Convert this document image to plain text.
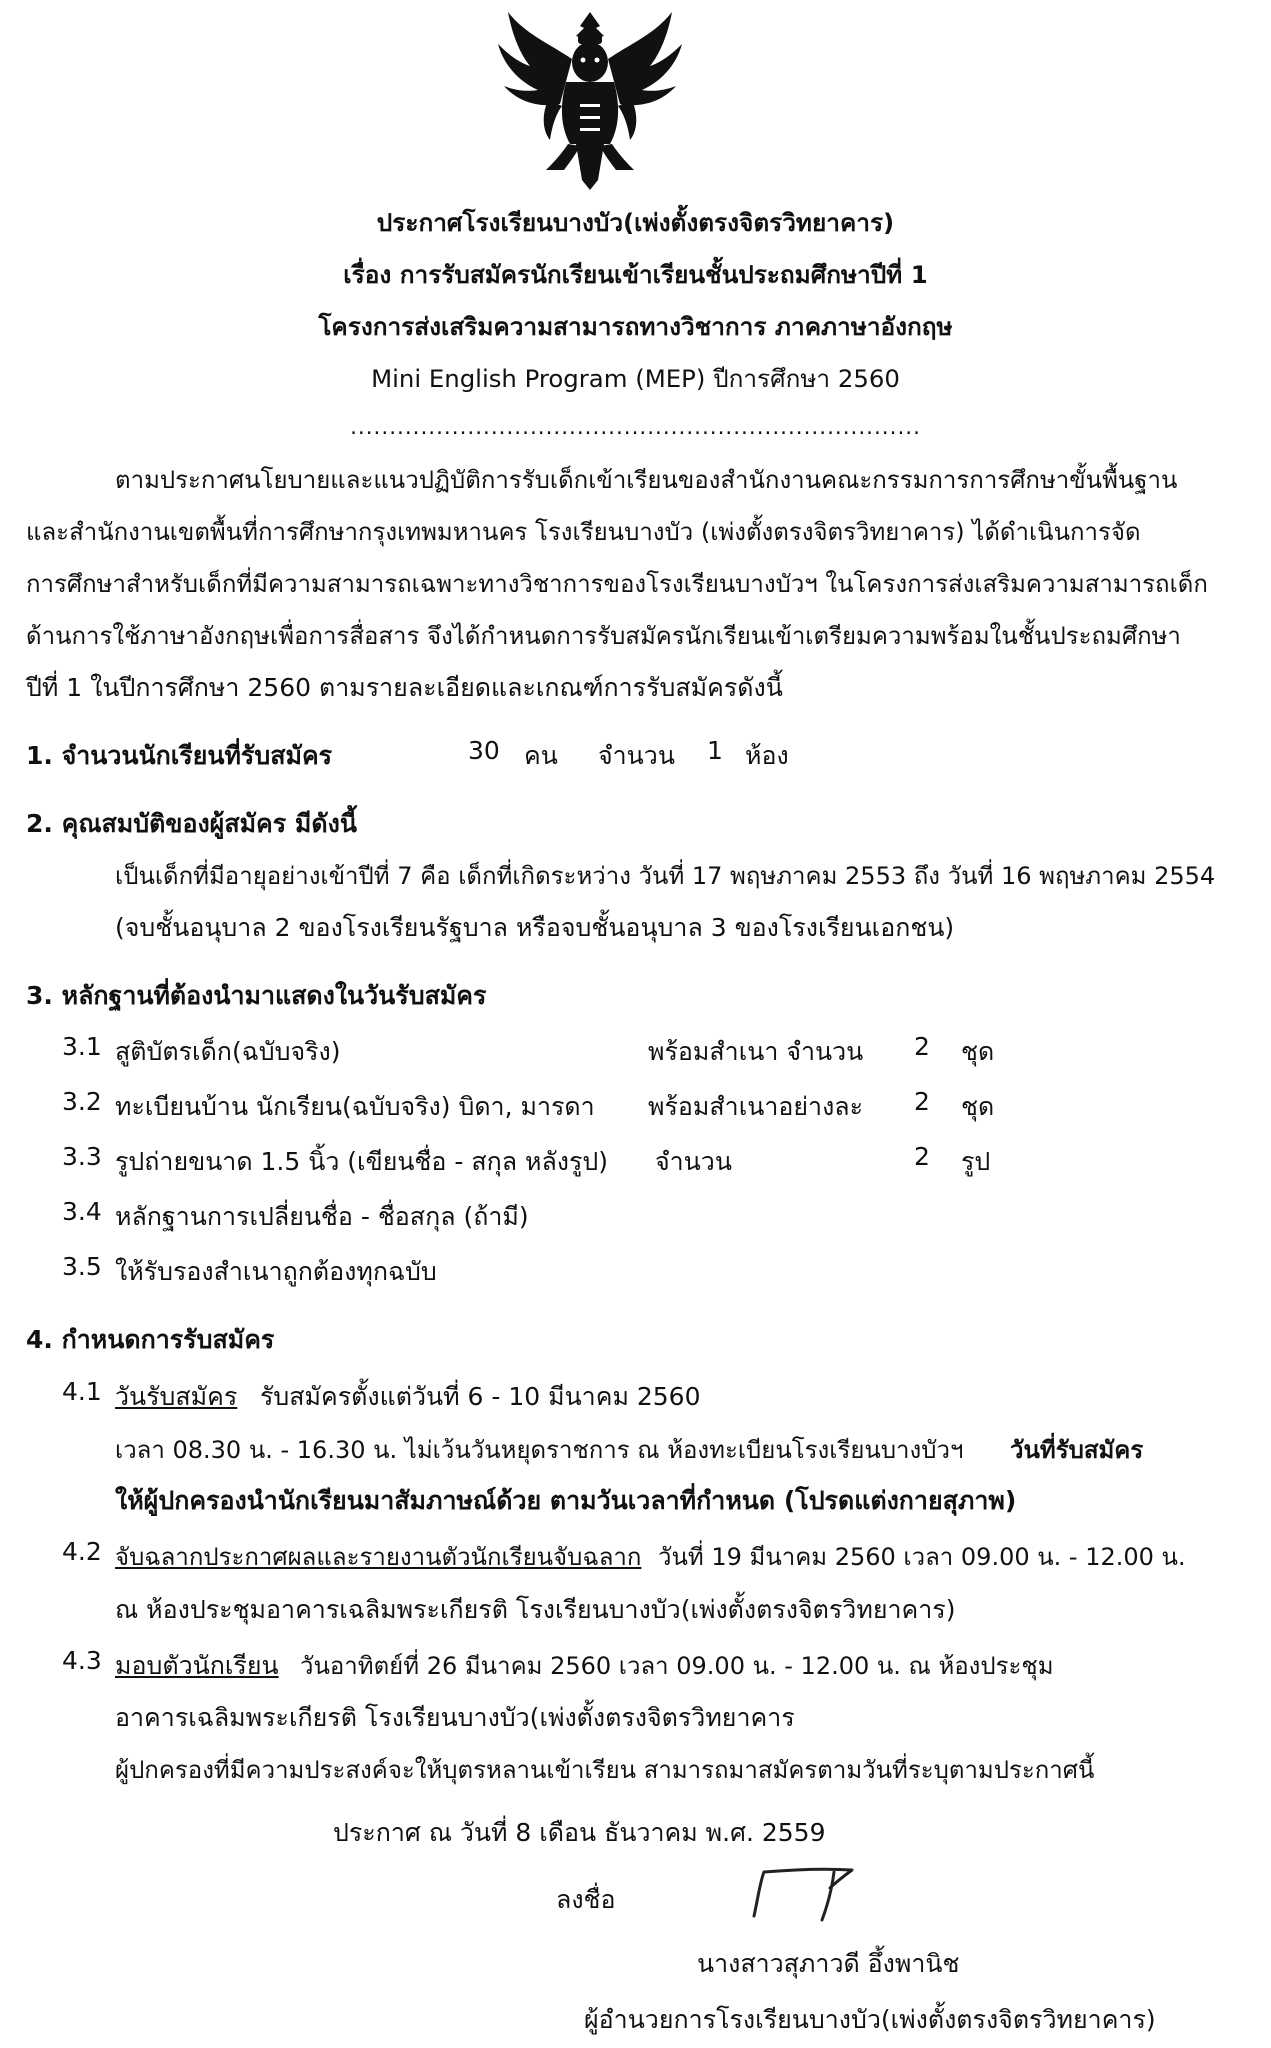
ประกาศโรงเรียนบางบัว(เพ่งตั้งตรงจิตรวิทยาคาร)
เรื่อง การรับสมัครนักเรียนเข้าเรียนชั้นประถมศึกษาปีที่ 1
โครงการส่งเสริมความสามารถทางวิชาการ ภาคภาษาอังกฤษ
Mini English Program (MEP) ปีการศึกษา 2560
.........................................................................
ตามประกาศนโยบายและแนวปฏิบัติการรับเด็กเข้าเรียนของสำนักงานคณะกรรมการการศึกษาขั้นพื้นฐาน
และสำนักงานเขตพื้นที่การศึกษากรุงเทพมหานคร โรงเรียนบางบัว (เพ่งตั้งตรงจิตรวิทยาคาร) ได้ดำเนินการจัด
การศึกษาสำหรับเด็กที่มีความสามารถเฉพาะทางวิชาการของโรงเรียนบางบัวฯ ในโครงการส่งเสริมความสามารถเด็ก
ด้านการใช้ภาษาอังกฤษเพื่อการสื่อสาร จึงได้กำหนดการรับสมัครนักเรียนเข้าเตรียมความพร้อมในชั้นประถมศึกษา
ปีที่ 1 ในปีการศึกษา 2560 ตามรายละเอียดและเกณฑ์การรับสมัครดังนี้
1. จำนวนนักเรียนที่รับสมัคร	30 คน จำนวน 1 ห้อง
2. คุณสมบัติของผู้สมัคร มีดังนี้
เป็นเด็กที่มีอายุอย่างเข้าปีที่ 7 คือ เด็กที่เกิดระหว่าง วันที่ 17 พฤษภาคม 2553 ถึง วันที่ 16 พฤษภาคม 2554
(จบชั้นอนุบาล 2 ของโรงเรียนรัฐบาล หรือจบชั้นอนุบาล 3 ของโรงเรียนเอกชน)
3. หลักฐานที่ต้องนำมาแสดงในวันรับสมัคร
3.1 สูติบัตรเด็ก(ฉบับจริง)	พร้อมสำเนา จำนวน 2 ชุด
3.2 ทะเบียนบ้าน นักเรียน(ฉบับจริง) บิดา, มารดา พร้อมสำเนาอย่างละ 2 ชุด
3.3 รูปถ่ายขนาด 1.5 นิ้ว (เขียนชื่อ - สกุล หลังรูป) จำนวน	2 รูป
3.4 หลักฐานการเปลี่ยนชื่อ - ชื่อสกุล (ถ้ามี)
3.5 ให้รับรองสำเนาถูกต้องทุกฉบับ
4. กำหนดการรับสมัคร
4.1 วันรับสมัคร รับสมัครตั้งแต่วันที่ 6 - 10 มีนาคม 2560
เวลา 08.30 น. - 16.30 น. ไม่เว้นวันหยุดราชการ ณ ห้องทะเบียนโรงเรียนบางบัวฯ วันที่รับสมัคร
ให้ผู้ปกครองนำนักเรียนมาสัมภาษณ์ด้วย ตามวันเวลาที่กำหนด (โปรดแต่งกายสุภาพ)
4.2 จับฉลากประกาศผลและรายงานตัวนักเรียนจับฉลาก วันที่ 19 มีนาคม 2560 เวลา 09.00 น. - 12.00 น.
ณ ห้องประชุมอาคารเฉลิมพระเกียรติ โรงเรียนบางบัว(เพ่งตั้งตรงจิตรวิทยาคาร)
4.3 มอบตัวนักเรียน วันอาทิตย์ที่ 26 มีนาคม 2560 เวลา 09.00 น. - 12.00 น. ณ ห้องประชุม
อาคารเฉลิมพระเกียรติ โรงเรียนบางบัว(เพ่งตั้งตรงจิตรวิทยาคาร
ผู้ปกครองที่มีความประสงค์จะให้บุตรหลานเข้าเรียน สามารถมาสมัครตามวันที่ระบุตามประกาศนี้
ประกาศ ณ วันที่ 8 เดือน ธันวาคม พ.ศ. 2559
ลงชื่อ
นางสาวสุภาวดี อึ้งพานิช
ผู้อำนวยการโรงเรียนบางบัว(เพ่งตั้งตรงจิตรวิทยาคาร)
